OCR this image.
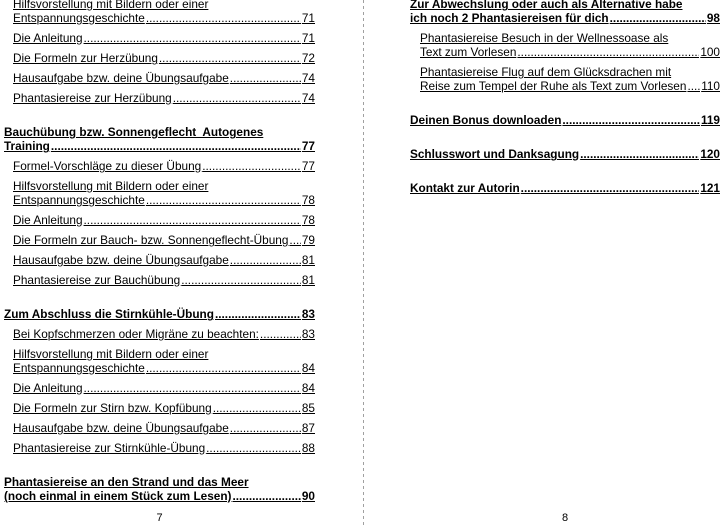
Hilfsvorstellung mit Bildern oder einer
Entspannungsgeschichte .....	71
Die Anleitung .....	71
Die Formeln zur Herzübung .....	72
Hausaufgabe bzw. deine Übungsaufgabe .....	74
Phantasiereise zur Herzübung .....	74
Bauchübung bzw. Sonnengeflecht  Autogenes
Training .....	77
Formel-Vorschläge zu dieser Übung .....	77
Hilfsvorstellung mit Bildern oder einer
Entspannungsgeschichte .....	78
Die Anleitung .....	78
Die Formeln zur Bauch- bzw. Sonnengeflecht-Übung ..... 79
Hausaufgabe bzw. deine Übungsaufgabe .....	81
Phantasiereise zur Bauchübung .....	81
Zum Abschluss die Stirnkühle-Übung .....	83
Bei Kopfschmerzen oder Migräne zu beachten: .....	83
Hilfsvorstellung mit Bildern oder einer
Entspannungsgeschichte .....	84
Die Anleitung .....	84
Die Formeln zur Stirn bzw. Kopfübung .....	85
Hausaufgabe bzw. deine Übungsaufgabe .....	87
Phantasiereise zur Stirnkühle-Übung .....	88
Phantasiereise an den Strand und das Meer
(noch einmal in einem Stück zum Lesen) .....	90
7
Zur Abwechslung oder auch als Alternative habe
ich noch 2 Phantasiereisen für dich .....	98
Phantasiereise Besuch in der Wellnessoase als
Text zum Vorlesen .....	100
Phantasiereise Flug auf dem Glücksdrachen mit
Reise zum Tempel der Ruhe als Text zum Vorlesen ..... 110
Deinen Bonus downloaden .....	119
Schlusswort und Danksagung .....	120
Kontakt zur Autorin .....	121
8
